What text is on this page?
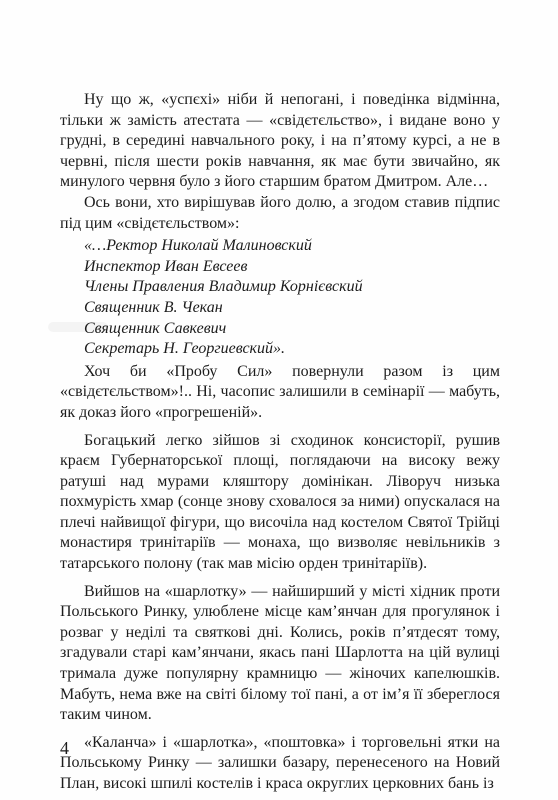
Ну що ж, «успєхі» ніби й непогані, і поведінка відмінна, тільки ж замість атестата — «свідєтєльство», і видане воно у грудні, в середині навчального року, і на п’ятому курсі, а не в червні, після шести років навчання, як має бути звичайно, як минулого червня було з його старшим братом Дмитром. Але…

Ось вони, хто вирішував його долю, а згодом ставив підпис під цим «свідєтєльством»:

«…Ректор Николай Малиновский
Инспектор Иван Евсеев
Члены Правления Владимир Корнієвский
Священник В. Чекан
Священник Савкевич
Секретарь Н. Георгиевский».

Хоч би «Пробу Сил» повернули разом із цим «свідєтєльством»!.. Ні, часопис залишили в семінарії — мабуть, як доказ його «прогрешеній».

Богацький легко зійшов зі сходинок консисторії, рушив краєм Губернаторської площі, поглядаючи на високу вежу ратуші над мурами кляштору домінікан. Ліворуч низька похмурість хмар (сонце знову сховалося за ними) опускалася на плечі найвищої фігури, що височіла над костелом Святої Трійці монастиря тринітаріїв — монаха, що визволяє невільників з татарського полону (так мав місію орден тринітаріїв).

Вийшов на «шарлотку» — найширший у місті хідник проти Польського Ринку, улюблене місце кам’янчан для прогулянок і розваг у неділі та святкові дні. Колись, років п’ятдесят тому, згадували старі кам’янчани, якась пані Шарлотта на цій вулиці тримала дуже популярну крамницю — жіночих капелюшків. Мабуть, нема вже на світі білому тої пані, а от ім’я її збереглося таким чином.

«Каланча» і «шарлотка», «поштовка» і торговельні ятки на Польському Ринку — залишки базару, перенесеного на Новий План, високі шпилі костелів і краса округлих церковних бань із

4
